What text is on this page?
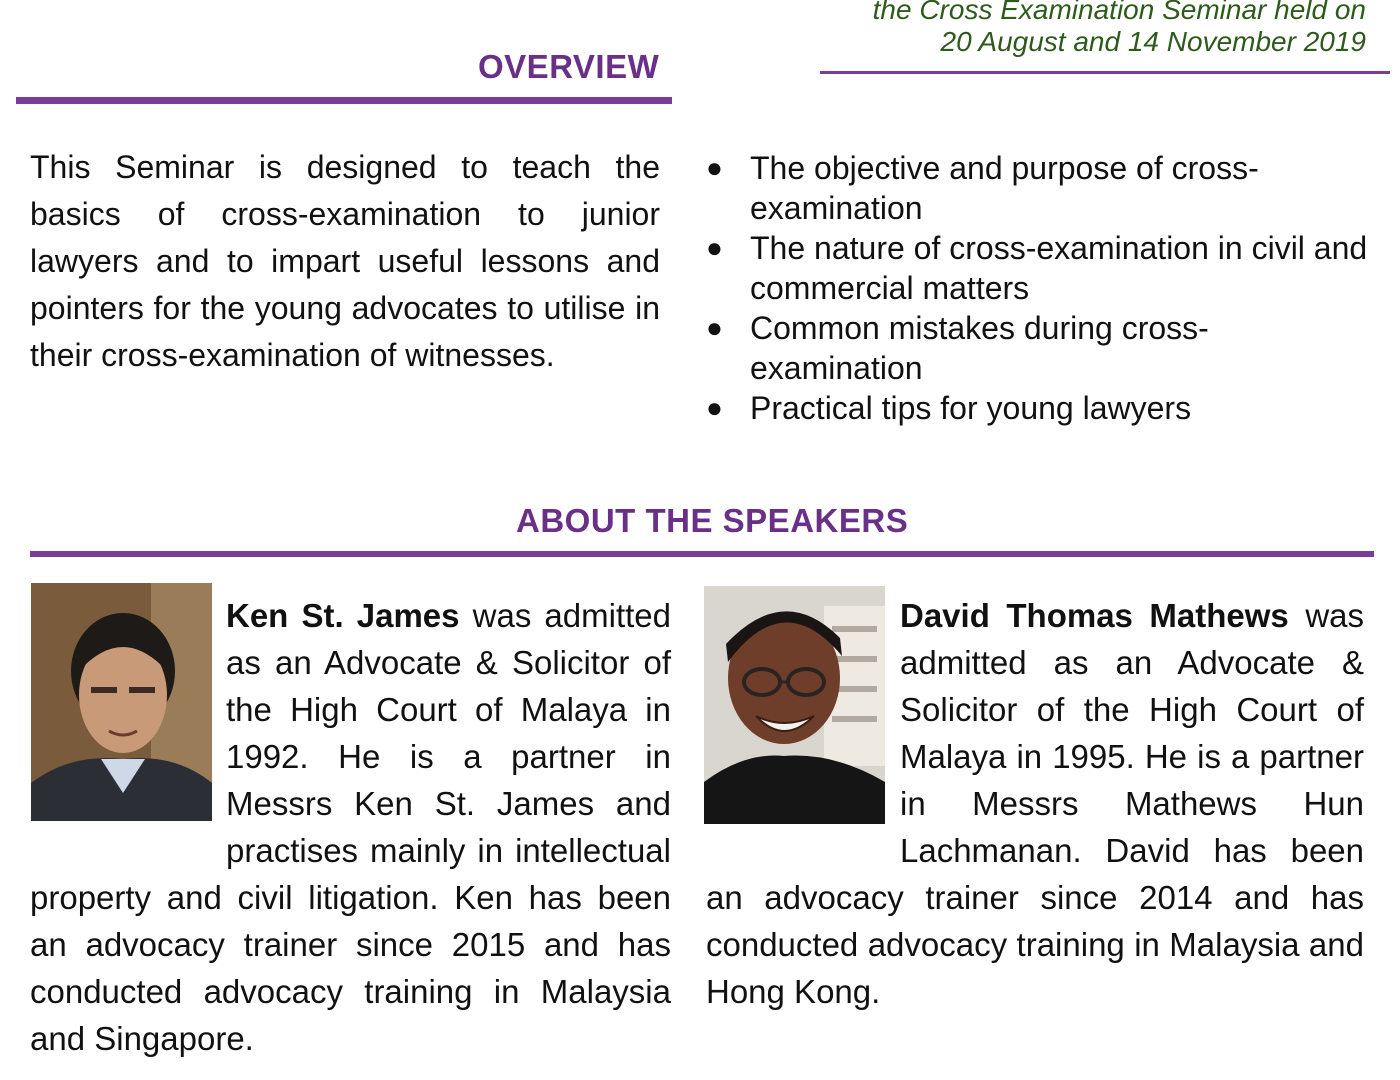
the Cross Examination Seminar held on
20 August and 14 November 2019
OVERVIEW
This Seminar is designed to teach the basics of cross-examination to junior lawyers and to impart useful lessons and pointers for the young advocates to utilise in their cross-examination of witnesses.
● The objective and purpose of cross-examination
● The nature of cross-examination in civil and commercial matters
● Common mistakes during cross-examination
● Practical tips for young lawyers
ABOUT THE SPEAKERS
Ken St. James was admitted as an Advocate & Solicitor of the High Court of Malaya in 1992. He is a partner in Messrs Ken St. James and practises mainly in intellectual property and civil litigation. Ken has been an advocacy trainer since 2015 and has conducted advocacy training in Malaysia and Singapore.
David Thomas Mathews was admitted as an Advocate & Solicitor of the High Court of Malaya in 1995. He is a partner in Messrs Mathews Hun Lachmanan. David has been an advocacy trainer since 2014 and has conducted advocacy training in Malaysia and Hong Kong.
